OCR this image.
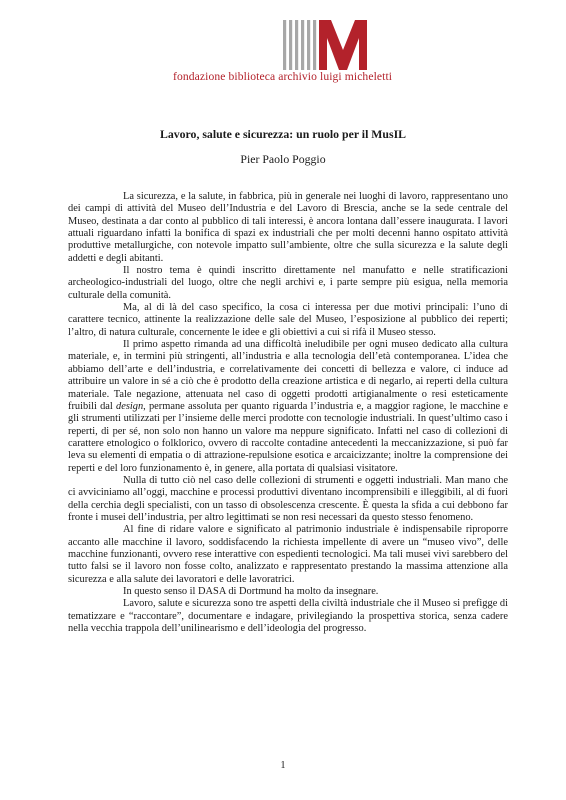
fondazione biblioteca archivio luigi micheletti
Lavoro, salute e sicurezza: un ruolo per il MusIL
Pier Paolo Poggio

La sicurezza, e la salute, in fabbrica, più in generale nei luoghi di lavoro, rappresentano uno dei campi di attività del Museo dell’Industria e del Lavoro di Brescia, anche se la sede centrale del Museo, destinata a dar conto al pubblico di tali interessi, è ancora lontana dall’essere inaugurata. I lavori attuali riguardano infatti la bonifica di spazi ex industriali che per molti decenni hanno ospitato attività produttive metallurgiche, con notevole impatto sull’ambiente, oltre che sulla sicurezza e la salute degli addetti e degli abitanti.

Il nostro tema è quindi inscritto direttamente nel manufatto e nelle stratificazioni archeologico-industriali del luogo, oltre che negli archivi e, i parte sempre più esigua, nella memoria culturale della comunità.

Ma, al di là del caso specifico, la cosa ci interessa per due motivi principali: l’uno di carattere tecnico, attinente la realizzazione delle sale del Museo, l’esposizione al pubblico dei reperti; l’altro, di natura culturale, concernente le idee e gli obiettivi a cui si rifà il Museo stesso.

Il primo aspetto rimanda ad una difficoltà ineludibile per ogni museo dedicato alla cultura materiale, e, in termini più stringenti, all’industria e alla tecnologia dell’età contemporanea. L’idea che abbiamo dell’arte e dell’industria, e correlativamente dei concetti di bellezza e valore, ci induce ad attribuire un valore in sé a ciò che è prodotto della creazione artistica e di negarlo, ai reperti della cultura materiale. Tale negazione, attenuata nel caso di oggetti prodotti artigianalmente o resi esteticamente fruibili dal design, permane assoluta per quanto riguarda l’industria e, a maggior ragione, le macchine e gli strumenti utilizzati per l’insieme delle merci prodotte con tecnologie industriali. In quest’ultimo caso i reperti, di per sé, non solo non hanno un valore ma neppure significato. Infatti nel caso di collezioni di carattere etnologico o folklorico, ovvero di raccolte contadine antecedenti la meccanizzazione, si può far leva su elementi di empatia o di attrazione-repulsione esotica e arcaicizzante; inoltre la comprensione dei reperti e del loro funzionamento è, in genere, alla portata di qualsiasi visitatore.

Nulla di tutto ciò nel caso delle collezioni di strumenti e oggetti industriali. Man mano che ci avviciniamo all’oggi, macchine e processi produttivi diventano incomprensibili e illeggibili, al di fuori della cerchia degli specialisti, con un tasso di obsolescenza crescente. È questa la sfida a cui debbono far fronte i musei dell’industria, per altro legittimati se non resi necessari da questo stesso fenomeno.

Al fine di ridare valore e significato al patrimonio industriale è indispensabile riproporre accanto alle macchine il lavoro, soddisfacendo la richiesta impellente di avere un “museo vivo”, delle macchine funzionanti, ovvero rese interattive con espedienti tecnologici. Ma tali musei vivi sarebbero del tutto falsi se il lavoro non fosse colto, analizzato e rappresentato prestando la massima attenzione alla sicurezza e alla salute dei lavoratori e delle lavoratrici.

In questo senso il DASA di Dortmund ha molto da insegnare.

Lavoro, salute e sicurezza sono tre aspetti della civiltà industriale che il Museo si prefigge di tematizzare e “raccontare”, documentare e indagare, privilegiando la prospettiva storica, senza cadere nella vecchia trappola dell’unilinearismo e dell’ideologia del progresso.

1
